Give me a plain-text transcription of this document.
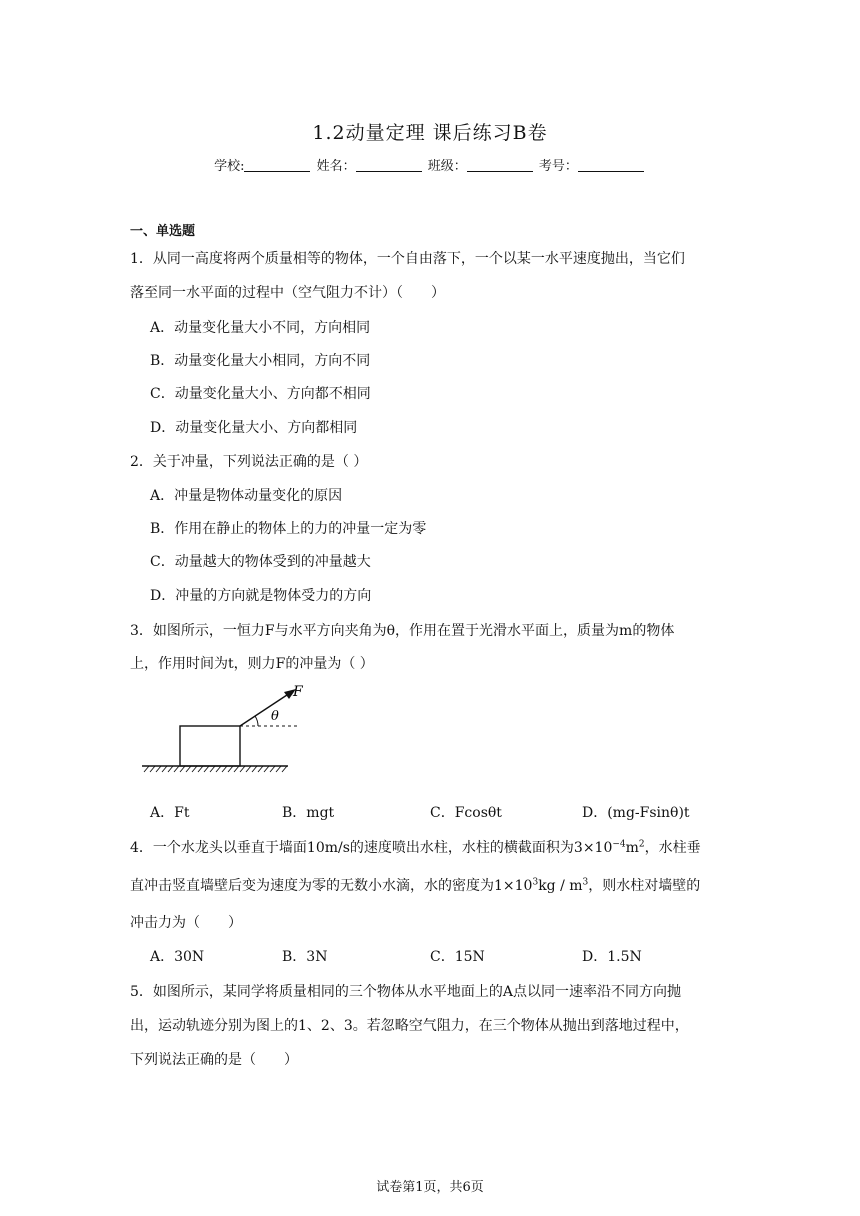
1.2动量定理 课后练习B卷
学校:	姓名：	班级：	考号：
一、单选题
1．从同一高度将两个质量相等的物体，一个自由落下，一个以某一水平速度抛出，当它们
落至同一水平面的过程中（空气阻力不计）（　　）
A．动量变化量大小不同，方向相同
B．动量变化量大小相同，方向不同
C．动量变化量大小、方向都不相同
D．动量变化量大小、方向都相同
2．关于冲量，下列说法正确的是（ ）
A．冲量是物体动量变化的原因
B．作用在静止的物体上的力的冲量一定为零
C．动量越大的物体受到的冲量越大
D．冲量的方向就是物体受力的方向
3．如图所示，一恒力F与水平方向夹角为θ，作用在置于光滑水平面上，质量为m的物体
上，作用时间为t，则力F的冲量为（ ）
F
θ
A．Ft	B．mgt	C．Fcosθt	D．(mg-Fsinθ)t
4．一个水龙头以垂直于墙面10m/s的速度喷出水柱，水柱的横截面积为$3\times 10^{-4}m^2$，水柱垂
直冲击竖直墙壁后变为速度为零的无数小水滴，水的密度为$1\times 10^3kg / m^3$，则水柱对墙壁的
冲击力为（　　）
A．30N	B．3N	C．15N	D．1.5N
5．如图所示，某同学将质量相同的三个物体从水平地面上的A点以同一速率沿不同方向抛
出，运动轨迹分别为图上的1、2、3。若忽略空气阻力，在三个物体从抛出到落地过程中，
下列说法正确的是（　　）
试卷第1页，共6页
